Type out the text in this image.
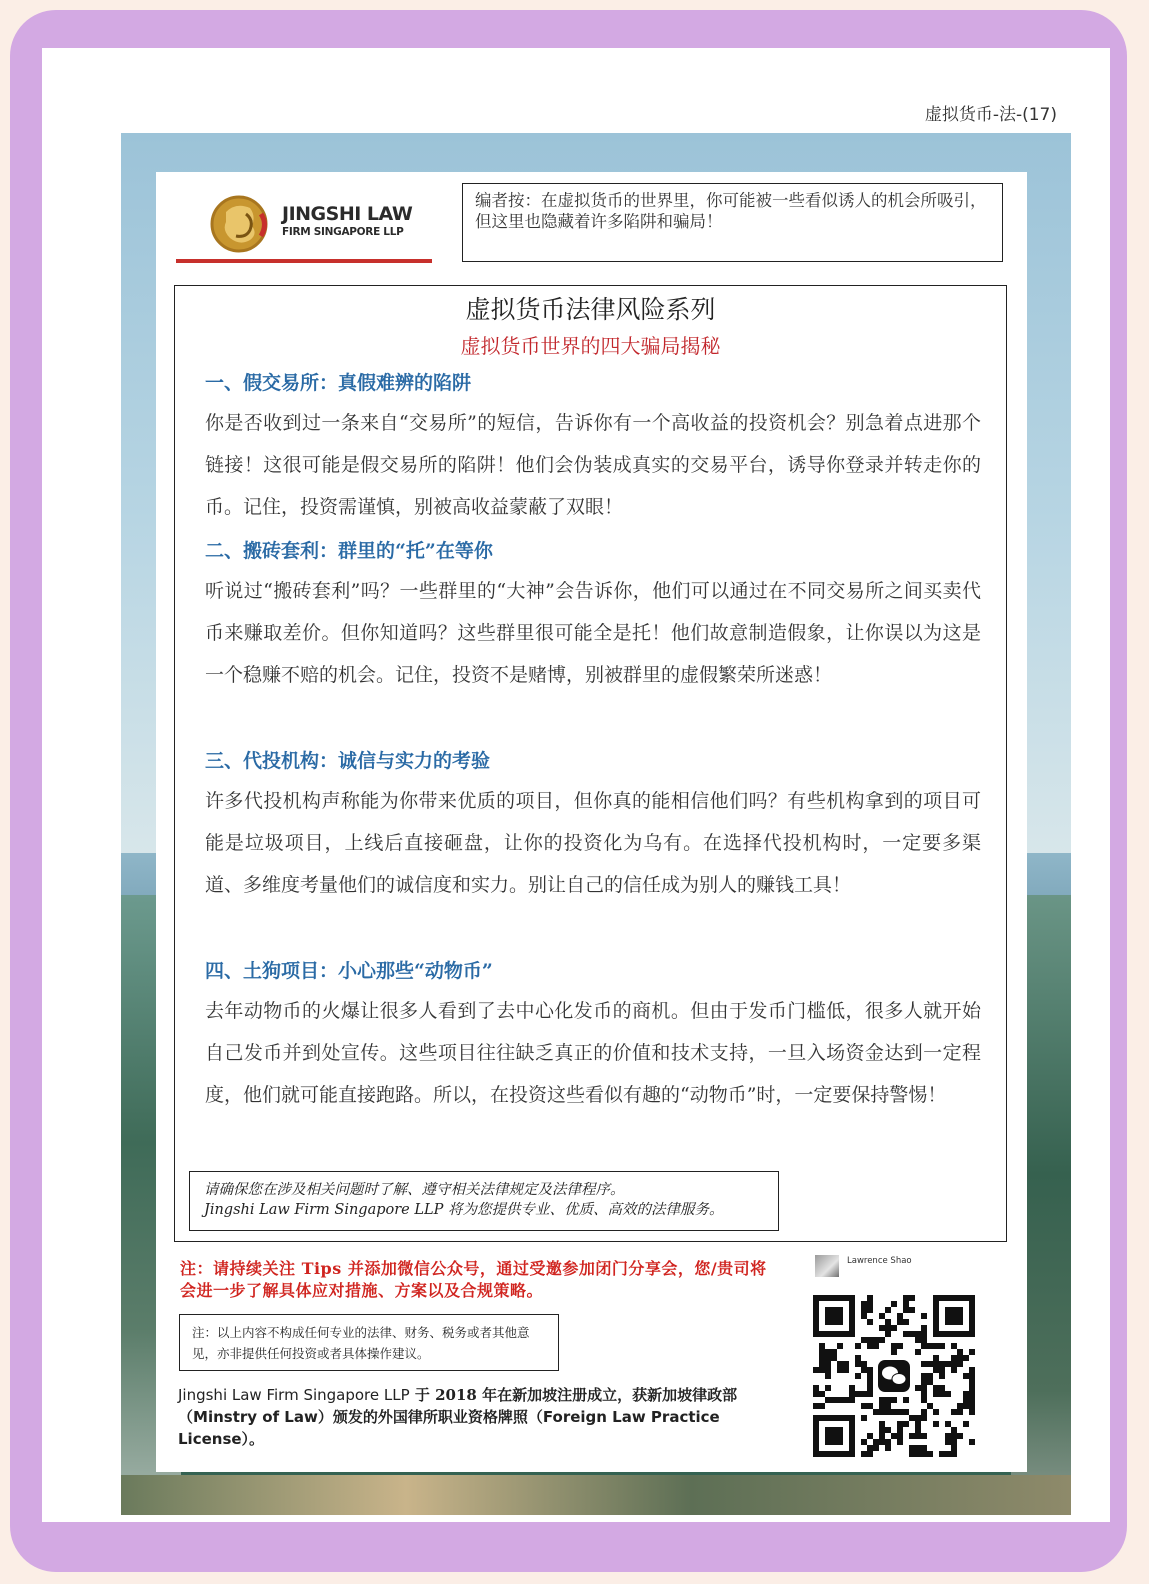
虚拟货币-法-(17)
JINGSHI LAW
FIRM SINGAPORE LLP
编者按：在虚拟货币的世界里，你可能被一些看似诱人的机会所吸引，但这里也隐藏着许多陷阱和骗局！
虚拟货币法律风险系列
虚拟货币世界的四大骗局揭秘
一、假交易所：真假难辨的陷阱
你是否收到过一条来自“交易所”的短信，告诉你有一个高收益的投资机会？别急着点进那个链接！这很可能是假交易所的陷阱！他们会伪装成真实的交易平台，诱导你登录并转走你的币。记住，投资需谨慎，别被高收益蒙蔽了双眼！
二、搬砖套利：群里的“托”在等你
听说过“搬砖套利”吗？一些群里的“大神”会告诉你，他们可以通过在不同交易所之间买卖代币来赚取差价。但你知道吗？这些群里很可能全是托！他们故意制造假象，让你误以为这是一个稳赚不赔的机会。记住，投资不是赌博，别被群里的虚假繁荣所迷惑！
三、代投机构：诚信与实力的考验
许多代投机构声称能为你带来优质的项目，但你真的能相信他们吗？有些机构拿到的项目可能是垃圾项目，上线后直接砸盘，让你的投资化为乌有。在选择代投机构时，一定要多渠道、多维度考量他们的诚信度和实力。别让自己的信任成为别人的赚钱工具！
四、土狗项目：小心那些“动物币”
去年动物币的火爆让很多人看到了去中心化发币的商机。但由于发币门槛低，很多人就开始自己发币并到处宣传。这些项目往往缺乏真正的价值和技术支持，一旦入场资金达到一定程度，他们就可能直接跑路。所以，在投资这些看似有趣的“动物币”时，一定要保持警惕！
请确保您在涉及相关问题时了解、遵守相关法律规定及法律程序。
Jingshi Law Firm Singapore LLP 将为您提供专业、优质、高效的法律服务。
注：请持续关注 Tips 并添加微信公众号，通过受邀参加闭门分享会，您/贵司将会进一步了解具体应对措施、方案以及合规策略。
注：以上内容不构成任何专业的法律、财务、税务或者其他意见，亦非提供任何投资或者具体操作建议。
Jingshi Law Firm Singapore LLP 于 2018 年在新加坡注册成立，获新加坡律政部（Minstry of Law）颁发的外国律所职业资格牌照（Foreign Law Practice License）。
Lawrence Shao
